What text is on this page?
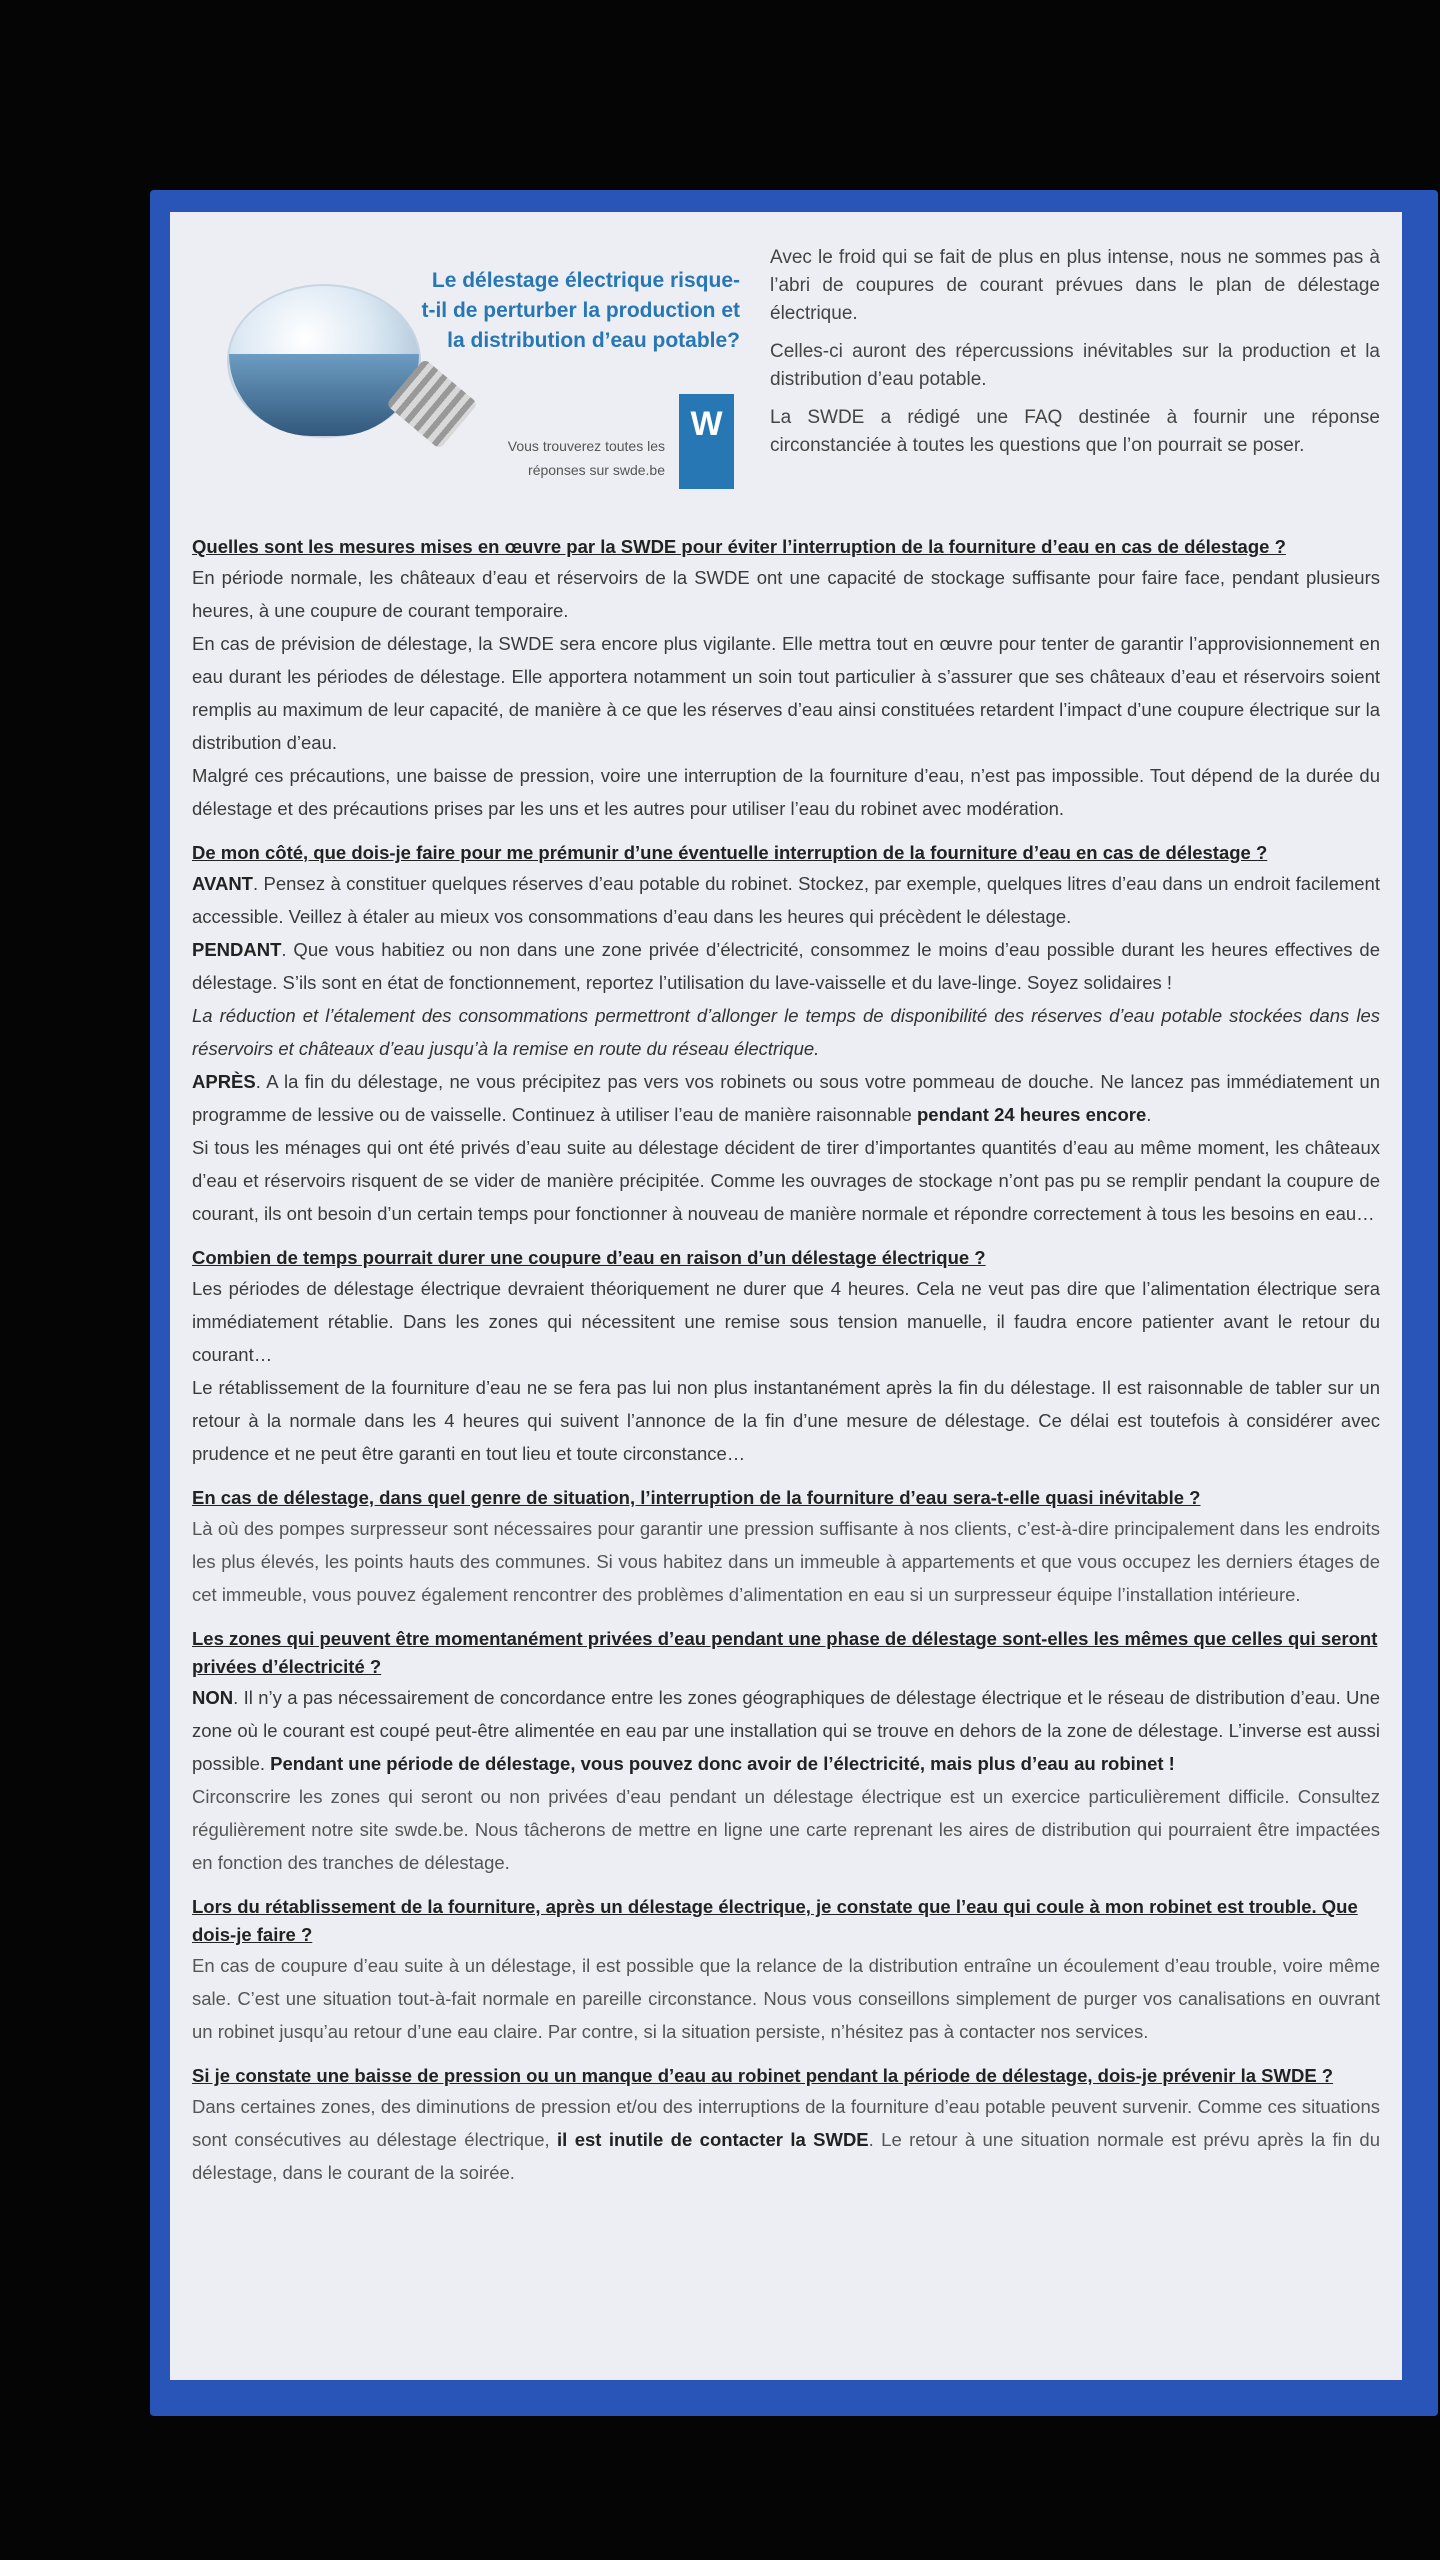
Le délestage électrique risque-t-il de perturber la production et la distribution d’eau potable?
Vous trouverez toutes les réponses sur swde.be
W

Avec le froid qui se fait de plus en plus intense, nous ne sommes pas à l’abri de coupures de courant prévues dans le plan de délestage électrique.

Celles-ci auront des répercussions inévitables sur la production et la distribution d’eau potable.

La SWDE a rédigé une FAQ destinée à fournir une réponse circonstanciée à toutes les questions que l’on pourrait se poser.

Quelles sont les mesures mises en œuvre par la SWDE pour éviter l’interruption de la fourniture d’eau en cas de délestage ?

En période normale, les châteaux d’eau et réservoirs de la SWDE ont une capacité de stockage suffisante pour faire face, pendant plusieurs heures, à une coupure de courant temporaire.

En cas de prévision de délestage, la SWDE sera encore plus vigilante. Elle mettra tout en œuvre pour tenter de garantir l’approvisionnement en eau durant les périodes de délestage. Elle apportera notamment un soin tout particulier à s’assurer que ses châteaux d’eau et réservoirs soient remplis au maximum de leur capacité, de manière à ce que les réserves d’eau ainsi constituées retardent l’impact d’une coupure électrique sur la distribution d’eau.

Malgré ces précautions, une baisse de pression, voire une interruption de la fourniture d’eau, n’est pas impossible. Tout dépend de la durée du délestage et des précautions prises par les uns et les autres pour utiliser l’eau du robinet avec modération.

De mon côté, que dois-je faire pour me prémunir d’une éventuelle interruption de la fourniture d’eau en cas de délestage ?

AVANT. Pensez à constituer quelques réserves d’eau potable du robinet. Stockez, par exemple, quelques litres d’eau dans un endroit facilement accessible. Veillez à étaler au mieux vos consommations d’eau dans les heures qui précèdent le délestage.

PENDANT. Que vous habitiez ou non dans une zone privée d’électricité, consommez le moins d’eau possible durant les heures effectives de délestage. S’ils sont en état de fonctionnement, reportez l’utilisation du lave-vaisselle et du lave-linge. Soyez solidaires !

La réduction et l’étalement des consommations permettront d’allonger le temps de disponibilité des réserves d’eau potable stockées dans les réservoirs et châteaux d’eau jusqu’à la remise en route du réseau électrique.

APRÈS. A la fin du délestage, ne vous précipitez pas vers vos robinets ou sous votre pommeau de douche. Ne lancez pas immédiatement un programme de lessive ou de vaisselle. Continuez à utiliser l’eau de manière raisonnable pendant 24 heures encore.

Si tous les ménages qui ont été privés d’eau suite au délestage décident de tirer d’importantes quantités d’eau au même moment, les châteaux d’eau et réservoirs risquent de se vider de manière précipitée. Comme les ouvrages de stockage n’ont pas pu se remplir pendant la coupure de courant, ils ont besoin d’un certain temps pour fonctionner à nouveau de manière normale et répondre correctement à tous les besoins en eau…

Combien de temps pourrait durer une coupure d’eau en raison d’un délestage électrique ?

Les périodes de délestage électrique devraient théoriquement ne durer que 4 heures. Cela ne veut pas dire que l’alimentation électrique sera immédiatement rétablie. Dans les zones qui nécessitent une remise sous tension manuelle, il faudra encore patienter avant le retour du courant…

Le rétablissement de la fourniture d’eau ne se fera pas lui non plus instantanément après la fin du délestage. Il est raisonnable de tabler sur un retour à la normale dans les 4 heures qui suivent l’annonce de la fin d’une mesure de délestage. Ce délai est toutefois à considérer avec prudence et ne peut être garanti en tout lieu et toute circonstance…

En cas de délestage, dans quel genre de situation, l’interruption de la fourniture d’eau sera-t-elle quasi inévitable ?

Là où des pompes surpresseur sont nécessaires pour garantir une pression suffisante à nos clients, c’est-à-dire principalement dans les endroits les plus élevés, les points hauts des communes. Si vous habitez dans un immeuble à appartements et que vous occupez les derniers étages de cet immeuble, vous pouvez également rencontrer des problèmes d’alimentation en eau si un surpresseur équipe l’installation intérieure.

Les zones qui peuvent être momentanément privées d’eau pendant une phase de délestage sont-elles les mêmes que celles qui seront privées d’électricité ?

NON. Il n’y a pas nécessairement de concordance entre les zones géographiques de délestage électrique et le réseau de distribution d’eau. Une zone où le courant est coupé peut-être alimentée en eau par une installation qui se trouve en dehors de la zone de délestage. L’inverse est aussi possible. Pendant une période de délestage, vous pouvez donc avoir de l’électricité, mais plus d’eau au robinet !

Circonscrire les zones qui seront ou non privées d’eau pendant un délestage électrique est un exercice particulièrement difficile. Consultez régulièrement notre site swde.be. Nous tâcherons de mettre en ligne une carte reprenant les aires de distribution qui pourraient être impactées en fonction des tranches de délestage.

Lors du rétablissement de la fourniture, après un délestage électrique, je constate que l’eau qui coule à mon robinet est trouble. Que dois-je faire ?

En cas de coupure d’eau suite à un délestage, il est possible que la relance de la distribution entraîne un écoulement d’eau trouble, voire même sale. C’est une situation tout-à-fait normale en pareille circonstance. Nous vous conseillons simplement de purger vos canalisations en ouvrant un robinet jusqu’au retour d’une eau claire. Par contre, si la situation persiste, n’hésitez pas à contacter nos services.

Si je constate une baisse de pression ou un manque d’eau au robinet pendant la période de délestage, dois-je prévenir la SWDE ?

Dans certaines zones, des diminutions de pression et/ou des interruptions de la fourniture d’eau potable peuvent survenir. Comme ces situations sont consécutives au délestage électrique, il est inutile de contacter la SWDE. Le retour à une situation normale est prévu après la fin du délestage, dans le courant de la soirée.
